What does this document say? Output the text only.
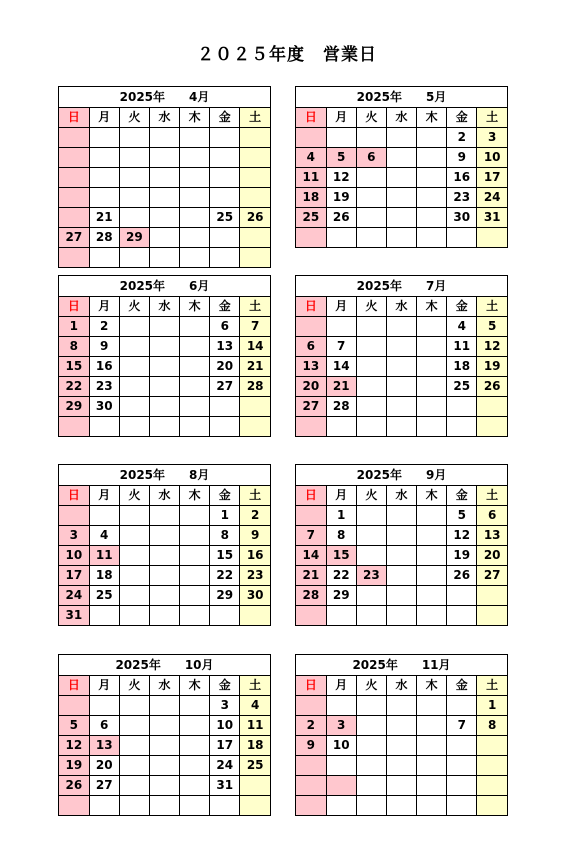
２０２５年度　営業日
2025年　　4月
日	月	火	水	木	金	土

	21				25	26
27	28	29				

2025年　　5月
日	月	火	水	木	金	土
					2	3
4	5	6			9	10
11	12				16	17
18	19				23	24
25	26				30	31

2025年　　6月
日	月	火	水	木	金	土
1	2				6	7
8	9				13	14
15	16				20	21
22	23				27	28
29	30					

2025年　　7月
日	月	火	水	木	金	土
					4	5
6	7				11	12
13	14				18	19
20	21				25	26
27	28					

2025年　　8月
日	月	火	水	木	金	土
					1	2
3	4				8	9
10	11				15	16
17	18				22	23
24	25				29	30
31						
2025年　　9月
日	月	火	水	木	金	土
	1				5	6
7	8				12	13
14	15				19	20
21	22	23			26	27
28	29					

2025年　　10月
日	月	火	水	木	金	土
					3	4
5	6				10	11
12	13				17	18
19	20				24	25
26	27				31	

2025年　　11月
日	月	火	水	木	金	土
						1
2	3				7	8
9	10					
